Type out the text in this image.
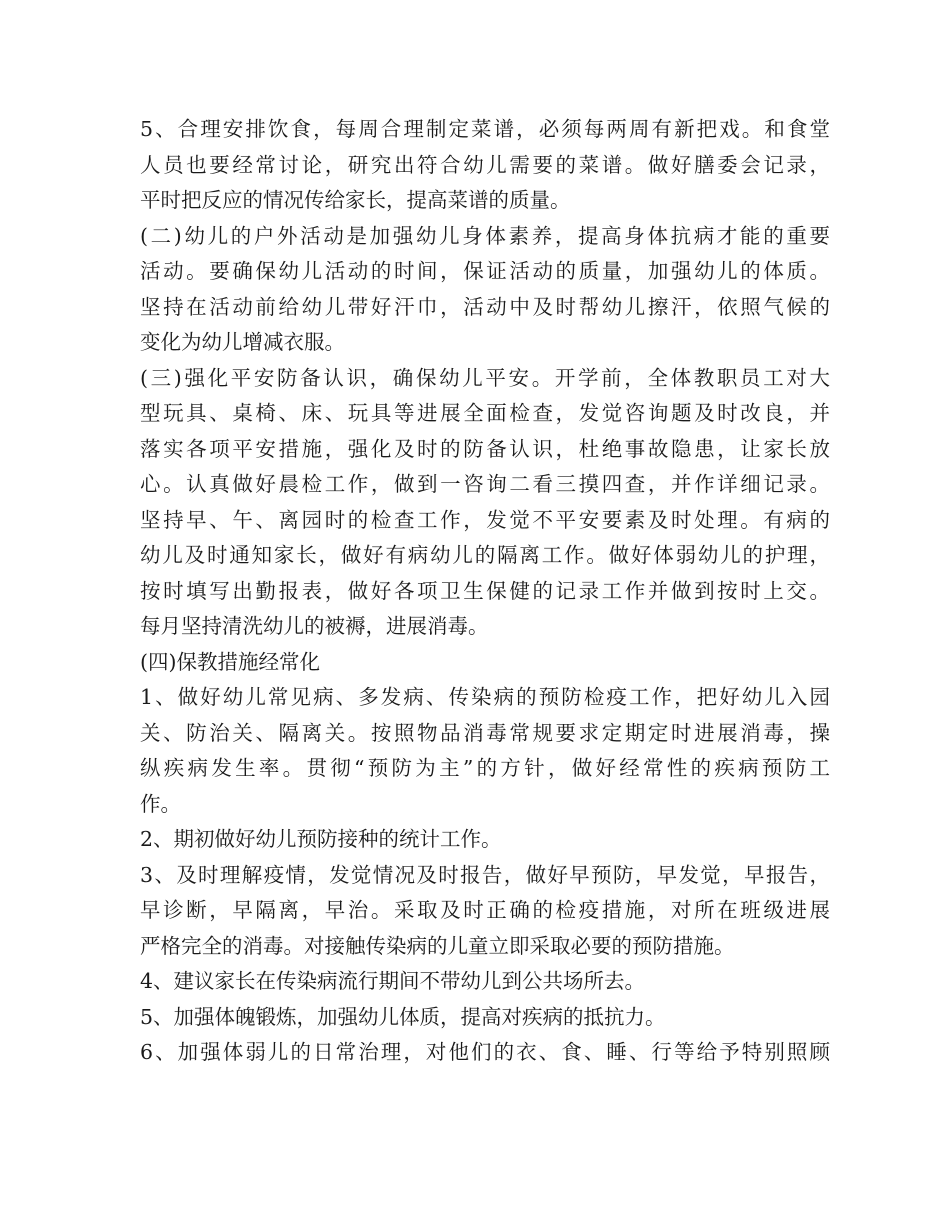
5、合理安排饮食，每周合理制定菜谱，必须每两周有新把戏。和食堂
人员也要经常讨论，研究出符合幼儿需要的菜谱。做好膳委会记录，
平时把反应的情况传给家长，提高菜谱的质量。
(二)幼儿的户外活动是加强幼儿身体素养，提高身体抗病才能的重要
活动。要确保幼儿活动的时间，保证活动的质量，加强幼儿的体质。
坚持在活动前给幼儿带好汗巾，活动中及时帮幼儿擦汗，依照气候的
变化为幼儿增减衣服。
(三)强化平安防备认识，确保幼儿平安。开学前，全体教职员工对大
型玩具、桌椅、床、玩具等进展全面检查，发觉咨询题及时改良，并
落实各项平安措施，强化及时的防备认识，杜绝事故隐患，让家长放
心。认真做好晨检工作，做到一咨询二看三摸四查，并作详细记录。
坚持早、午、离园时的检查工作，发觉不平安要素及时处理。有病的
幼儿及时通知家长，做好有病幼儿的隔离工作。做好体弱幼儿的护理，
按时填写出勤报表，做好各项卫生保健的记录工作并做到按时上交。
每月坚持清洗幼儿的被褥，进展消毒。
(四)保教措施经常化
1、做好幼儿常见病、多发病、传染病的预防检疫工作，把好幼儿入园
关、防治关、隔离关。按照物品消毒常规要求定期定时进展消毒，操
纵疾病发生率。贯彻“预防为主”的方针，做好经常性的疾病预防工
作。
2、期初做好幼儿预防接种的统计工作。
3、及时理解疫情，发觉情况及时报告，做好早预防，早发觉，早报告，
早诊断，早隔离，早治。采取及时正确的检疫措施，对所在班级进展
严格完全的消毒。对接触传染病的儿童立即采取必要的预防措施。
4、建议家长在传染病流行期间不带幼儿到公共场所去。
5、加强体魄锻炼，加强幼儿体质，提高对疾病的抵抗力。
6、加强体弱儿的日常治理，对他们的衣、食、睡、行等给予特别照顾
